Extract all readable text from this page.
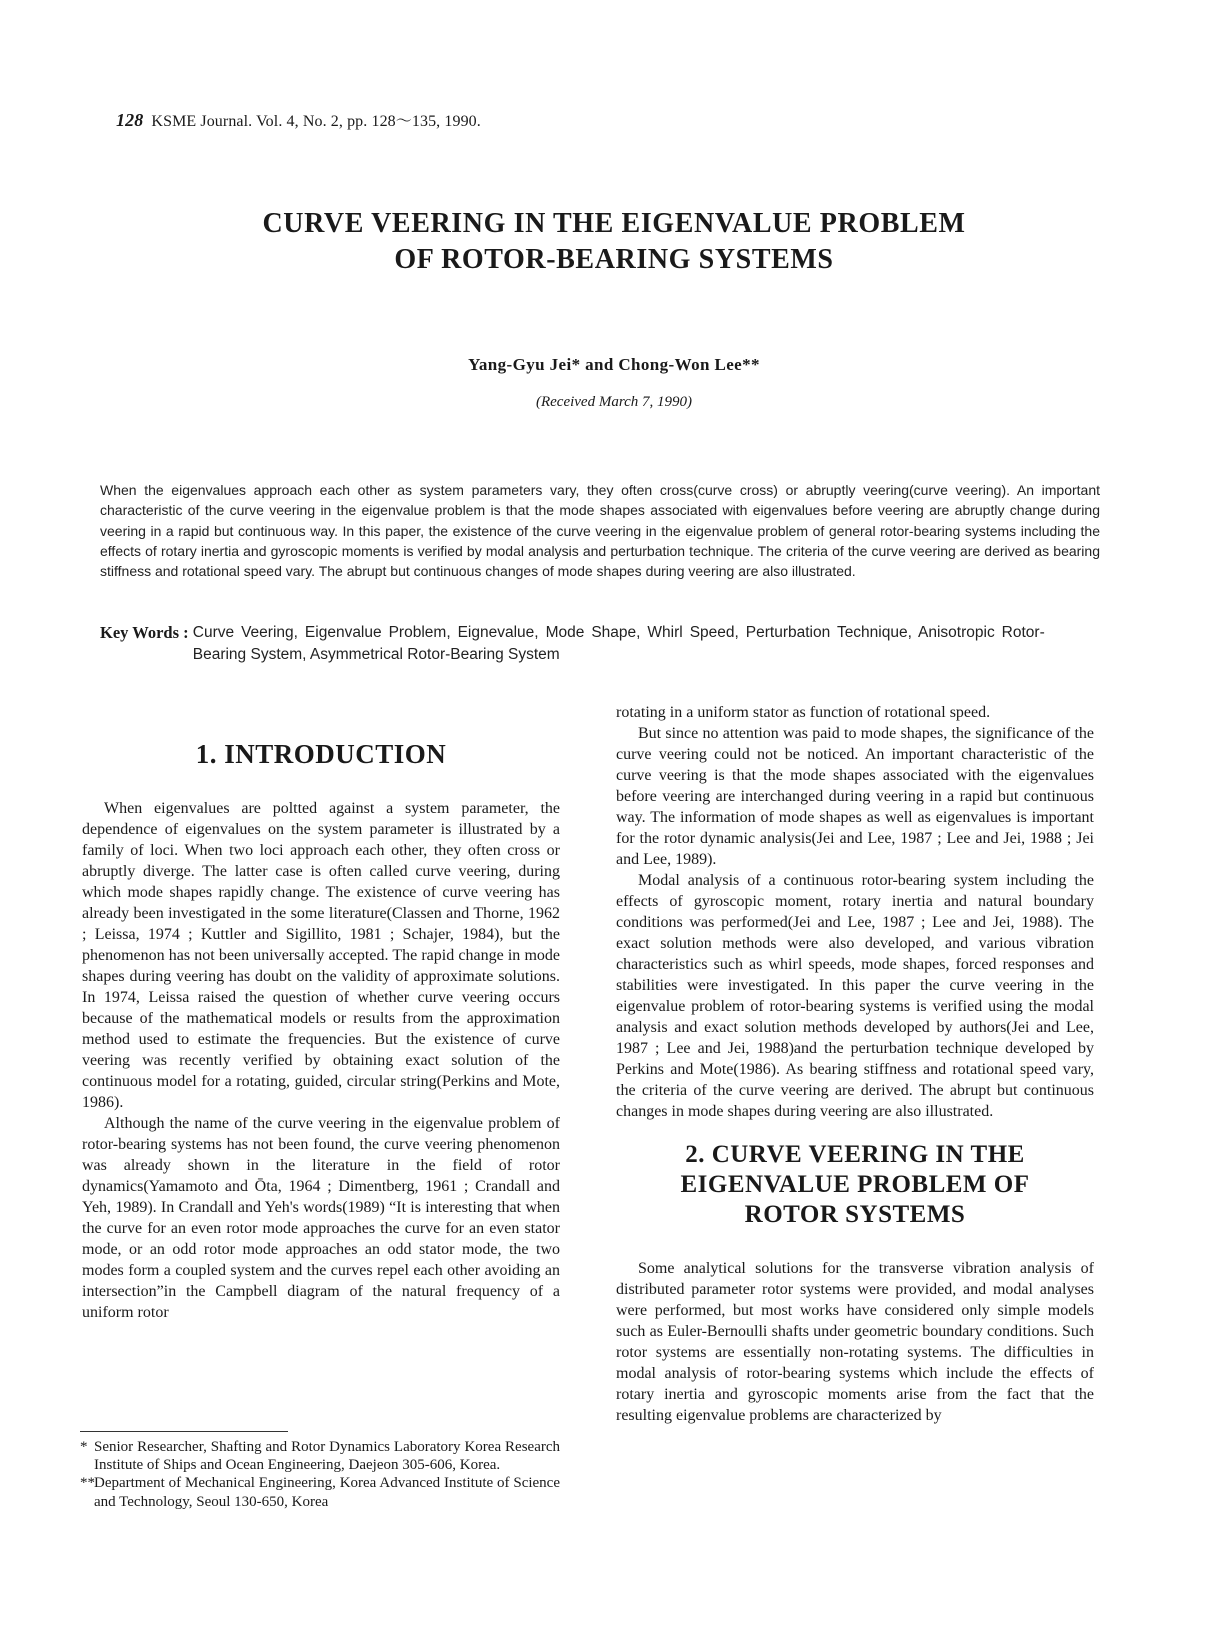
128 KSME Journal. Vol. 4, No. 2, pp. 128～135, 1990.
CURVE VEERING IN THE EIGENVALUE PROBLEM
OF ROTOR-BEARING SYSTEMS
Yang-Gyu Jei* and Chong-Won Lee**
(Received March 7, 1990)

When the eigenvalues approach each other as system parameters vary, they often cross(curve cross) or abruptly veering(curve veering). An important characteristic of the curve veering in the eigenvalue problem is that the mode shapes associated with eigenvalues before veering are abruptly change during veering in a rapid but continuous way. In this paper, the existence of the curve veering in the eigenvalue problem of general rotor-bearing systems including the effects of rotary inertia and gyroscopic moments is verified by modal analysis and perturbation technique. The criteria of the curve veering are derived as bearing stiffness and rotational speed vary. The abrupt but continuous changes of mode shapes during veering are also illustrated.

Key Words : Curve Veering, Eigenvalue Problem, Eignevalue, Mode Shape, Whirl Speed, Perturbation Technique, Anisotropic Rotor-Bearing System, Asymmetrical Rotor-Bearing System

1. INTRODUCTION

When eigenvalues are poltted against a system parameter, the dependence of eigenvalues on the system parameter is illustrated by a family of loci. When two loci approach each other, they often cross or abruptly diverge. The latter case is often called curve veering, during which mode shapes rapidly change. The existence of curve veering has already been investigated in the some literature(Classen and Thorne, 1962 ; Leissa, 1974 ; Kuttler and Sigillito, 1981 ; Schajer, 1984), but the phenomenon has not been universally accepted. The rapid change in mode shapes during veering has doubt on the validity of approximate solutions. In 1974, Leissa raised the question of whether curve veering occurs because of the mathematical models or results from the approximation method used to estimate the frequencies. But the existence of curve veering was recently verified by obtaining exact solution of the continuous model for a rotating, guided, circular string(Perkins and Mote, 1986).

Although the name of the curve veering in the eigenvalue problem of rotor-bearing systems has not been found, the curve veering phenomenon was already shown in the literature in the field of rotor dynamics(Yamamoto and Ōta, 1964 ; Dimentberg, 1961 ; Crandall and Yeh, 1989). In Crandall and Yeh's words(1989) “It is interesting that when the curve for an even rotor mode approaches the curve for an even stator mode, or an odd rotor mode approaches an odd stator mode, the two modes form a coupled system and the curves repel each other avoiding an intersection”in the Campbell diagram of the natural frequency of a uniform rotor

rotating in a uniform stator as function of rotational speed.

But since no attention was paid to mode shapes, the significance of the curve veering could not be noticed. An important characteristic of the curve veering is that the mode shapes associated with the eigenvalues before veering are interchanged during veering in a rapid but continuous way. The information of mode shapes as well as eigenvalues is important for the rotor dynamic analysis(Jei and Lee, 1987 ; Lee and Jei, 1988 ; Jei and Lee, 1989).

Modal analysis of a continuous rotor-bearing system including the effects of gyroscopic moment, rotary inertia and natural boundary conditions was performed(Jei and Lee, 1987 ; Lee and Jei, 1988). The exact solution methods were also developed, and various vibration characteristics such as whirl speeds, mode shapes, forced responses and stabilities were investigated. In this paper the curve veering in the eigenvalue problem of rotor-bearing systems is verified using the modal analysis and exact solution methods developed by authors(Jei and Lee, 1987 ; Lee and Jei, 1988)and the perturbation technique developed by Perkins and Mote(1986). As bearing stiffness and rotational speed vary, the criteria of the curve veering are derived. The abrupt but continuous changes in mode shapes during veering are also illustrated.

2. CURVE VEERING IN THE
EIGENVALUE PROBLEM OF
ROTOR SYSTEMS

Some analytical solutions for the transverse vibration analysis of distributed parameter rotor systems were provided, and modal analyses were performed, but most works have considered only simple models such as Euler-Bernoulli shafts under geometric boundary conditions. Such rotor systems are essentially non-rotating systems. The difficulties in modal analysis of rotor-bearing systems which include the effects of rotary inertia and gyroscopic moments arise from the fact that the resulting eigenvalue problems are characterized by

* Senior Researcher, Shafting and Rotor Dynamics Laboratory Korea Research Institute of Ships and Ocean Engineering, Daejeon 305-606, Korea.

**Department of Mechanical Engineering, Korea Advanced Institute of Science and Technology, Seoul 130-650, Korea
